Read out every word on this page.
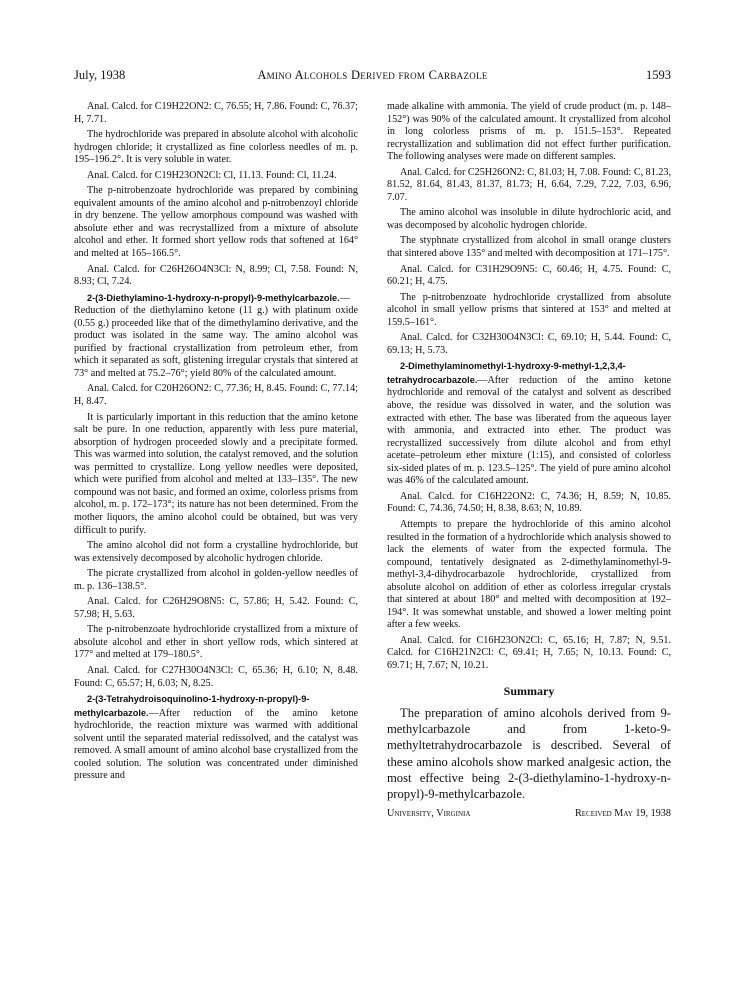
July, 1938	Amino Alcohols Derived from Carbazole	1593

Anal. Calcd. for C19H22ON2: C, 76.55; H, 7.86. Found: C, 76.37; H, 7.71.

The hydrochloride was prepared in absolute alcohol with alcoholic hydrogen chloride; it crystallized as fine colorless needles of m. p. 195–196.2°. It is very soluble in water.

Anal. Calcd. for C19H23ON2Cl: Cl, 11.13. Found: Cl, 11.24.

The p-nitrobenzoate hydrochloride was prepared by combining equivalent amounts of the amino alcohol and p-nitrobenzoyl chloride in dry benzene. The yellow amorphous compound was washed with absolute ether and was recrystallized from a mixture of absolute alcohol and ether. It formed short yellow rods that softened at 164° and melted at 165–166.5°.

Anal. Calcd. for C26H26O4N3Cl: N, 8.99; Cl, 7.58. Found: N, 8.93; Cl, 7.24.

2-(3-Diethylamino-1-hydroxy-n-propyl)-9-methylcarbazole.—Reduction of the diethylamino ketone (11 g.) with platinum oxide (0.55 g.) proceeded like that of the dimethylamino derivative, and the product was isolated in the same way. The amino alcohol was purified by fractional crystallization from petroleum ether, from which it separated as soft, glistening irregular crystals that sintered at 73° and melted at 75.2–76°; yield 80% of the calculated amount.

Anal. Calcd. for C20H26ON2: C, 77.36; H, 8.45. Found: C, 77.14; H, 8.47.

It is particularly important in this reduction that the amino ketone salt be pure. In one reduction, apparently with less pure material, absorption of hydrogen proceeded slowly and a precipitate formed. This was warmed into solution, the catalyst removed, and the solution was permitted to crystallize. Long yellow needles were deposited, which were purified from alcohol and melted at 133–135°. The new compound was not basic, and formed an oxime, colorless prisms from alcohol, m. p. 172–173°; its nature has not been determined. From the mother liquors, the amino alcohol could be obtained, but was very difficult to purify.

The amino alcohol did not form a crystalline hydrochloride, but was extensively decomposed by alcoholic hydrogen chloride.

The picrate crystallized from alcohol in golden-yellow needles of m. p. 136–138.5°.

Anal. Calcd. for C26H29O8N5: C, 57.86; H, 5.42. Found: C, 57.98; H, 5.63.

The p-nitrobenzoate hydrochloride crystallized from a mixture of absolute alcohol and ether in short yellow rods, which sintered at 177° and melted at 179–180.5°.

Anal. Calcd. for C27H30O4N3Cl: C, 65.36; H, 6.10; N, 8.48. Found: C, 65.57; H, 6.03; N, 8.25.

2-(3-Tetrahydroisoquinolino-1-hydroxy-n-propyl)-9-methylcarbazole.—After reduction of the amino ketone hydrochloride, the reaction mixture was warmed with additional solvent until the separated material redissolved, and the catalyst was removed. A small amount of amino alcohol base crystallized from the cooled solution. The solution was concentrated under diminished pressure and

made alkaline with ammonia. The yield of crude product (m. p. 148–152°) was 90% of the calculated amount. It crystallized from alcohol in long colorless prisms of m. p. 151.5–153°. Repeated recrystallization and sublimation did not effect further purification. The following analyses were made on different samples.

Anal. Calcd. for C25H26ON2: C, 81.03; H, 7.08. Found: C, 81.23, 81.52, 81.64, 81.43, 81.37, 81.73; H, 6.64, 7.29, 7.22, 7.03, 6.96, 7.07.

The amino alcohol was insoluble in dilute hydrochloric acid, and was decomposed by alcoholic hydrogen chloride.

The styphnate crystallized from alcohol in small orange clusters that sintered above 135° and melted with decomposition at 171–175°.

Anal. Calcd. for C31H29O9N5: C, 60.46; H, 4.75. Found: C, 60.21; H, 4.75.

The p-nitrobenzoate hydrochloride crystallized from absolute alcohol in small yellow prisms that sintered at 153° and melted at 159.5–161°.

Anal. Calcd. for C32H30O4N3Cl: C, 69.10; H, 5.44. Found: C, 69.13; H, 5.73.

2-Dimethylaminomethyl-1-hydroxy-9-methyl-1,2,3,4-tetrahydrocarbazole.—After reduction of the amino ketone hydrochloride and removal of the catalyst and solvent as described above, the residue was dissolved in water, and the solution was extracted with ether. The base was liberated from the aqueous layer with ammonia, and extracted into ether. The product was recrystallized successively from dilute alcohol and from ethyl acetate–petroleum ether mixture (1:15), and consisted of colorless six-sided plates of m. p. 123.5–125°. The yield of pure amino alcohol was 46% of the calculated amount.

Anal. Calcd. for C16H22ON2: C, 74.36; H, 8.59; N, 10.85. Found: C, 74.36, 74.50; H, 8.38, 8.63; N, 10.89.

Attempts to prepare the hydrochloride of this amino alcohol resulted in the formation of a hydrochloride which analysis showed to lack the elements of water from the expected formula. The compound, tentatively designated as 2-dimethylaminomethyl-9-methyl-3,4-dihydrocarbazole hydrochloride, crystallized from absolute alcohol on addition of ether as colorless irregular crystals that sintered at about 180° and melted with decomposition at 192–194°. It was somewhat unstable, and showed a lower melting point after a few weeks.

Anal. Calcd. for C16H23ON2Cl: C, 65.16; H, 7.87; N, 9.51. Calcd. for C16H21N2Cl: C, 69.41; H, 7.65; N, 10.13. Found: C, 69.71; H, 7.67; N, 10.21.

Summary

The preparation of amino alcohols derived from 9-methylcarbazole and from 1-keto-9-methyltetrahydrocarbazole is described. Several of these amino alcohols show marked analgesic action, the most effective being 2-(3-diethylamino-1-hydroxy-n-propyl)-9-methylcarbazole.

University, Virginia	Received May 19, 1938
